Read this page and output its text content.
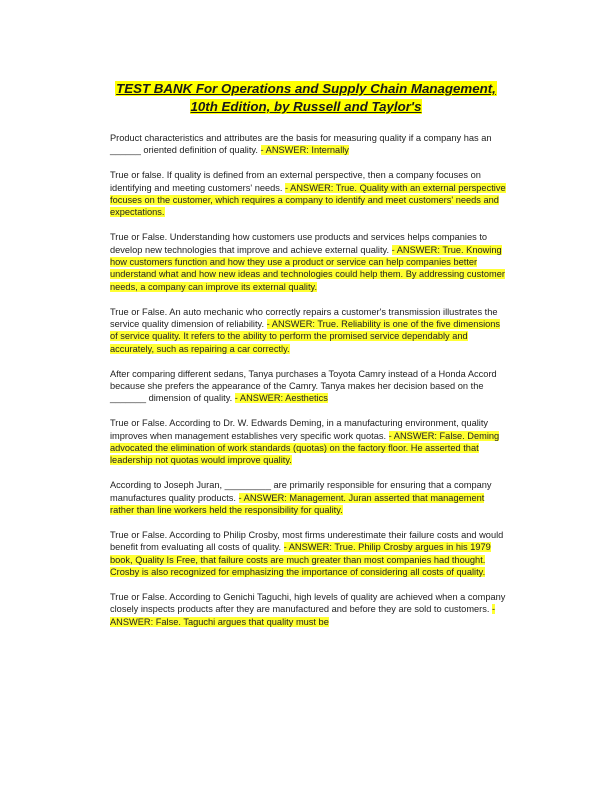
TEST BANK For Operations and Supply Chain Management,
10th Edition, by Russell and Taylor's

Product characteristics and attributes are the basis for measuring quality if a company has an ______ oriented definition of quality. - ANSWER: Internally

True or false. If quality is defined from an external perspective, then a company focuses on identifying and meeting customers' needs. - ANSWER: True. Quality with an external perspective focuses on the customer, which requires a company to identify and meet customers' needs and expectations.

True or False. Understanding how customers use products and services helps companies to develop new technologies that improve and achieve external quality. - ANSWER: True. Knowing how customers function and how they use a product or service can help companies better understand what and how new ideas and technologies could help them. By addressing customer needs, a company can improve its external quality.

True or False. An auto mechanic who correctly repairs a customer's transmission illustrates the service quality dimension of reliability. - ANSWER: True. Reliability is one of the five dimensions of service quality. It refers to the ability to perform the promised service dependably and accurately, such as repairing a car correctly.

After comparing different sedans, Tanya purchases a Toyota Camry instead of a Honda Accord because she prefers the appearance of the Camry. Tanya makes her decision based on the _______ dimension of quality. - ANSWER: Aesthetics

True or False. According to Dr. W. Edwards Deming, in a manufacturing environment, quality improves when management establishes very specific work quotas. - ANSWER: False. Deming advocated the elimination of work standards (quotas) on the factory floor. He asserted that leadership not quotas would improve quality.

According to Joseph Juran, _________ are primarily responsible for ensuring that a company manufactures quality products. - ANSWER: Management. Juran asserted that management rather than line workers held the responsibility for quality.

True or False. According to Philip Crosby, most firms underestimate their failure costs and would benefit from evaluating all costs of quality. - ANSWER: True. Philip Crosby argues in his 1979 book, Quality Is Free, that failure costs are much greater than most companies had thought. Crosby is also recognized for emphasizing the importance of considering all costs of quality.

True or False. According to Genichi Taguchi, high levels of quality are achieved when a company closely inspects products after they are manufactured and before they are sold to customers. - ANSWER: False. Taguchi argues that quality must be
